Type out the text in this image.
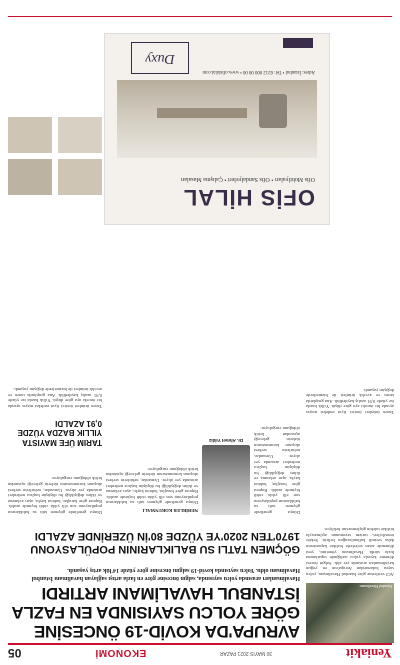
Yeniakit
30 MAYIS 2021 PAZAR
EKONOMİ
05
AVRUPA'DA KOVİD-19 ÖNCESİNE GÖRE YOLCU SAYISINDA EN FAZLA İSTANBUL HAVALİMANI ARTIRDI
Havalimanları arasında yolcu sayısında, salgın öncesine göre en fazla artışı sağlayan havalimanı İstanbul Havalimanı oldu. Yolcu sayısında kovid-19 salgını öncesine göre yüzde 14'lük artış yaşandı.
İstanbul Havalimanı
ACI verilerine göre İstanbul Havalimanı, yolcu sayısı bakımından Avrupa'nın en yoğun havalimanları arasında yer aldı. Salgın öncesi döneme kıyasla yolcu trafiğinde toparlanma hızla sürdü. Havalimanı yönetimi, yeni dönemde artan seferlerle birlikte kapasitenin daha verimli kullanılacağını belirtti. Sektör temsilcileri, turizm sezonunun açılmasıyla birlikte talebin güçlenmesini bekliyor.
GÖÇMEN TATLI SU BALIKLARININ POPÜLASYONU 1970'TEN 2020'YE YÜZDE 80'İN ÜZERİNDE AZALDI
Dünya genelinde göçmen tatlı su balıklarının popülasyonu son elli yılda ciddi biçimde azaldı. Rapora göre barajlar, habitat kaybı, aşırı avlanma ve iklim değişikliği bu düşüşün başlıca nedenleri arasında yer alıyor. Uzmanlar, nehirlerin serbest akışının korunmasının türlerin geleceği açısından kritik olduğunu vurguluyor.
Dr. Ahmet Yıldız
NEHİRLER KORUNMALI
Dünya genelinde göçmen tatlı su balıklarının popülasyonu son elli yılda ciddi biçimde azaldı. Rapora göre barajlar, habitat kaybı, aşırı avlanma ve iklim değişikliği bu düşüşün başlıca nedenleri arasında yer alıyor. Uzmanlar, nehirlerin serbest akışının korunmasının türlerin geleceği açısından kritik olduğunu vurguluyor.
Dünya genelinde göçmen tatlı su balıklarının popülasyonu son elli yılda ciddi biçimde azaldı. Rapora göre barajlar, habitat kaybı, aşırı avlanma ve iklim değişikliği bu düşüşün başlıca nedenleri arasında yer alıyor. Uzmanlar, nehirlerin serbest akışının korunmasının türlerin geleceği açısından kritik olduğunu vurguluyor.
TARIM ÜFE MAYISTA YILLIK BAZDA YÜZDE 0,91 AZALDI
Tarım ürünleri üretici fiyat endeksi mayıs ayında bir önceki aya göre düştü. Yıllık bazda ise yüzde 0,91 azalış kaydedildi. Ana gruplarda tarım ve avcılık ürünleri ile hizmetlerde değişim yaşandı.
Tarım ürünleri üretici fiyat endeksi mayıs ayında bir önceki aya göre düştü. Yıllık bazda ise yüzde 0,91 azalış kaydedildi. Ana gruplarda tarım ve avcılık ürünleri ile hizmetlerde değişim yaşandı.
OFİS HİLAL
Ofis Mobilyaları • Ofis Sandalyeleri • Çalışma Masaları
Adres: İstanbul • Tel: 0212 000 00 00 • www.ofishilal.com
Duxy
